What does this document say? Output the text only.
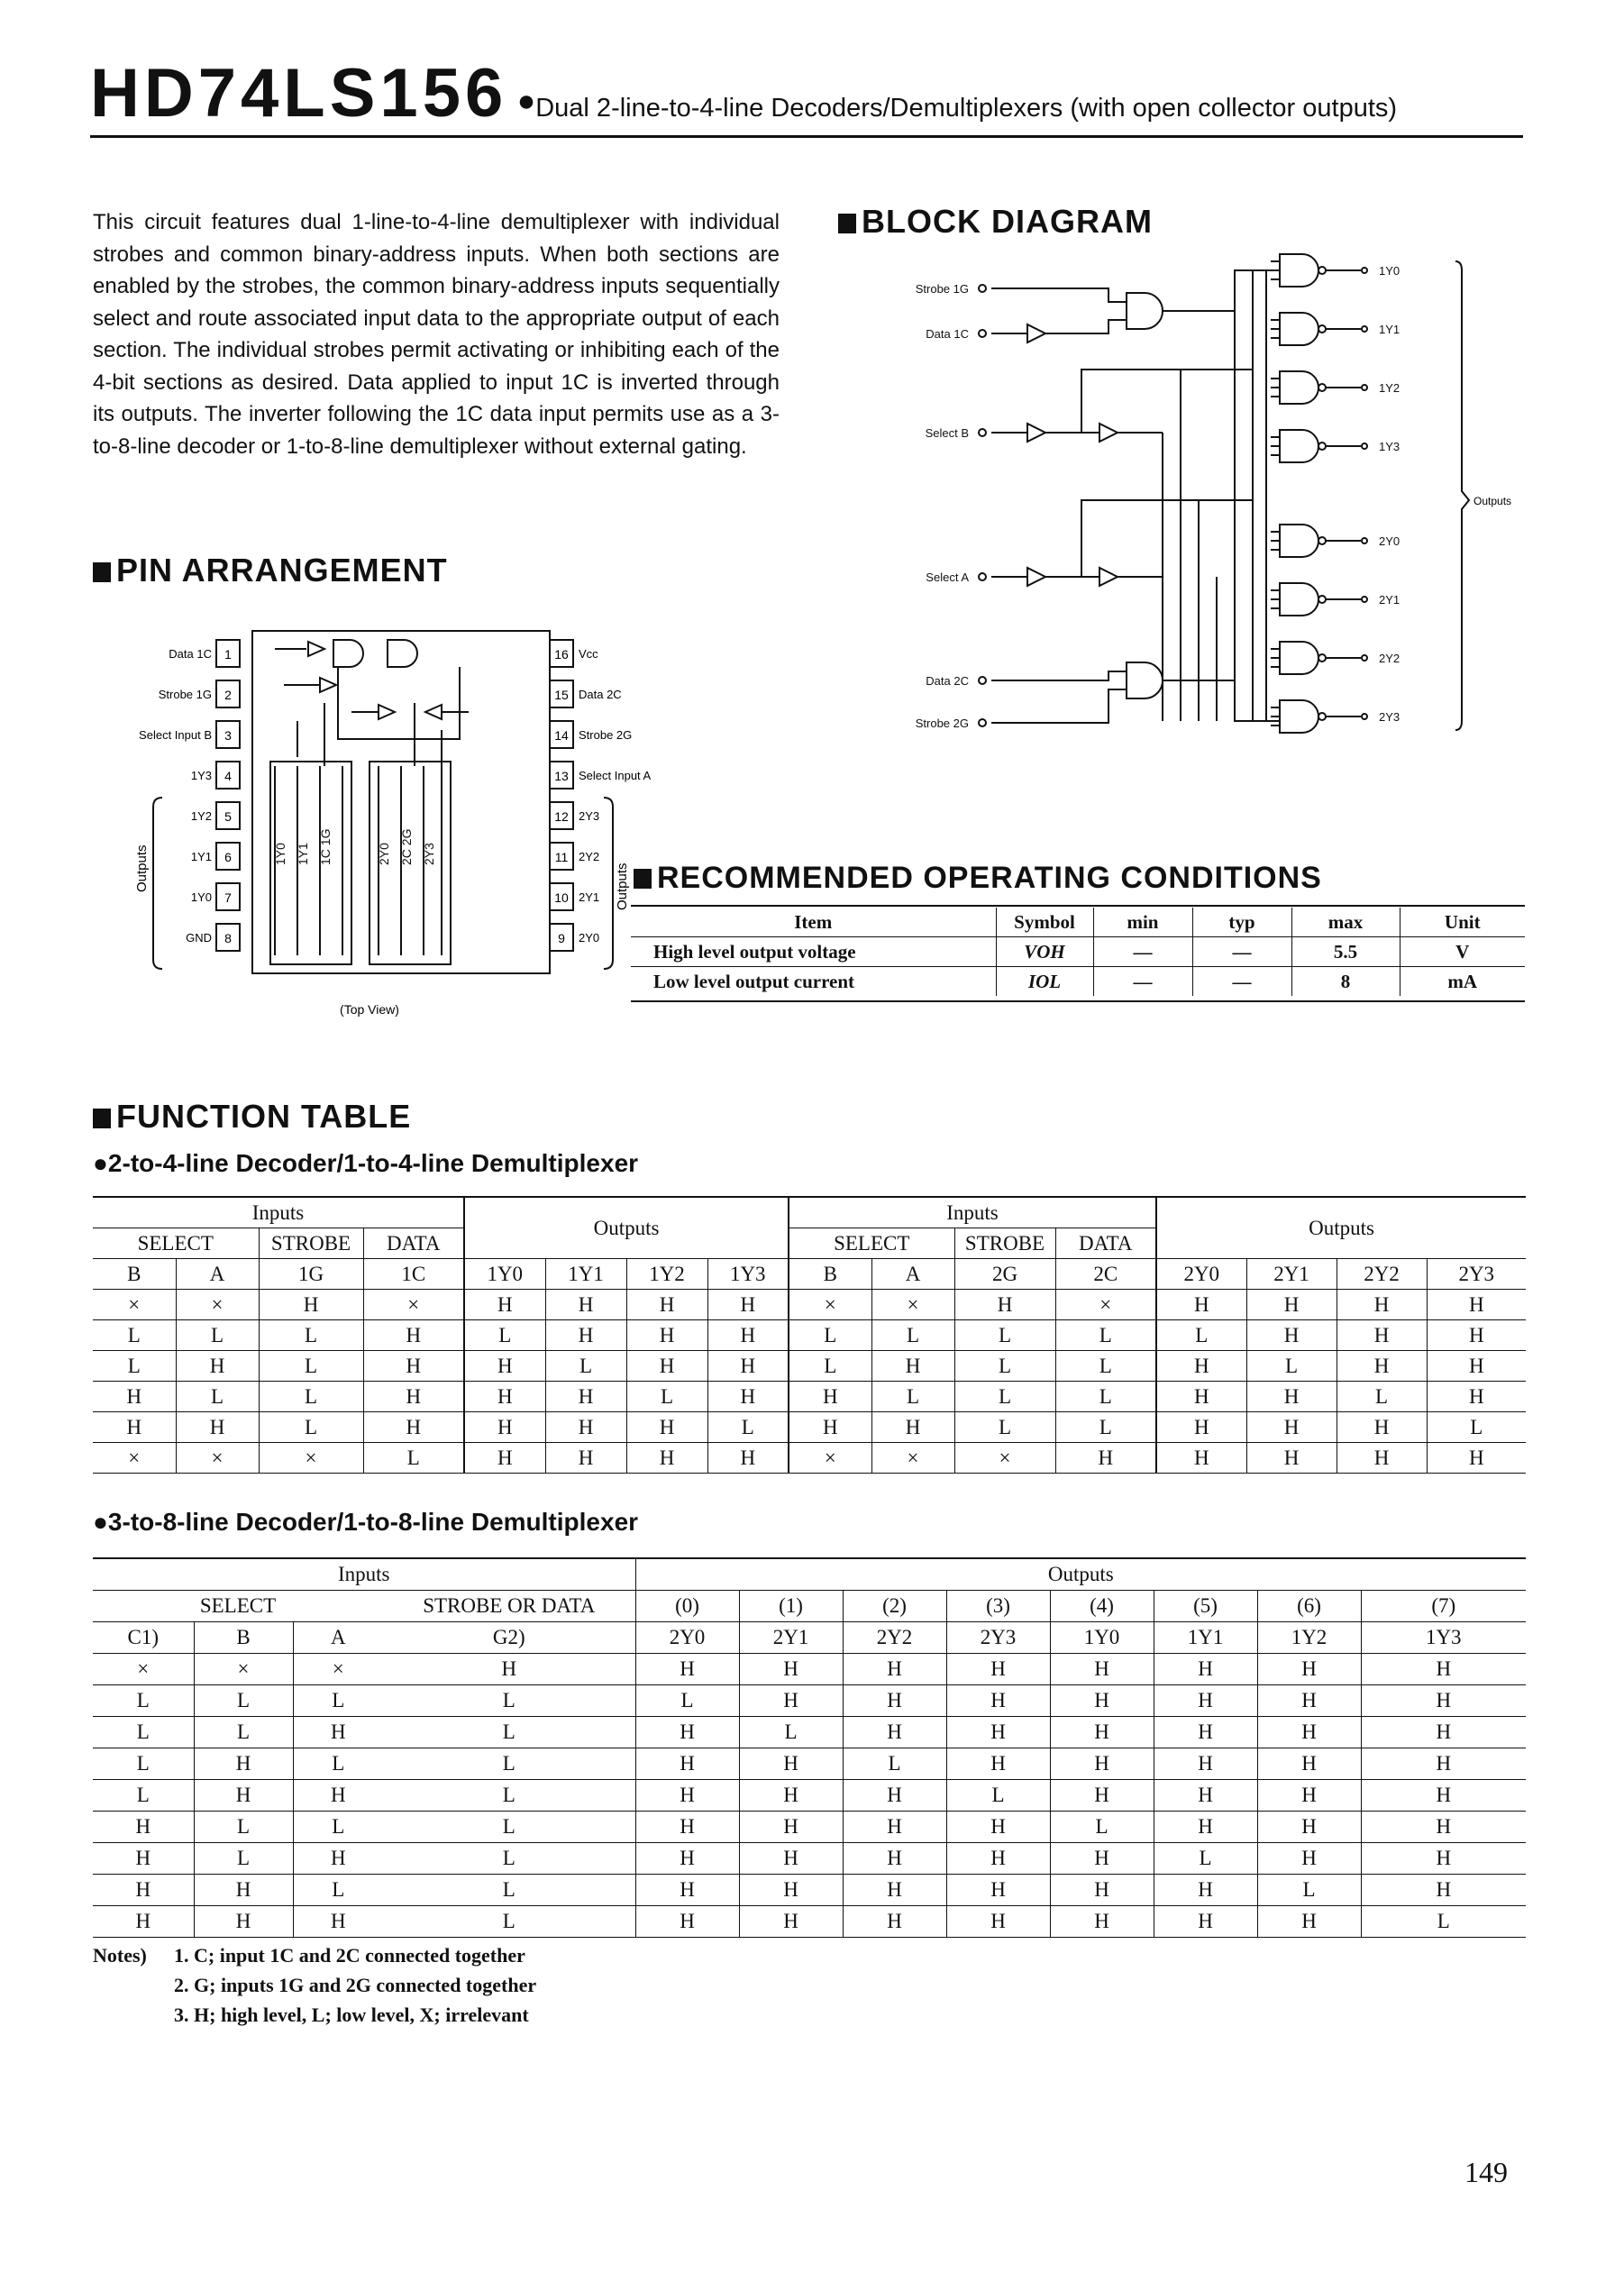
HD74LS156 ●Dual 2-line-to-4-line Decoders/Demultiplexers (with open collector outputs)
This circuit features dual 1-line-to-4-line demultiplexer with individual strobes and common binary-address inputs. When both sections are enabled by the strobes, the common binary-address inputs sequentially select and route associated input data to the appropriate output of each section. The individual strobes permit activating or inhibiting each of the 4-bit sections as desired. Data applied to input 1C is inverted through its outputs. The inverter following the 1C data input permits use as a 3-to-8-line decoder or 1-to-8-line demultiplexer without external gating.
PIN ARRANGEMENT
1
Data 1C
2
Strobe 1G
3
Select Input B
4
1Y3
5
1Y2
6
1Y1
7
1Y0
8
GND
16 Vcc
15 Data 2C
14 Strobe 2G
13 Select Input A
12 2Y3
11 2Y2
10 2Y1
9 2Y0
1Y0 1Y1 1C 1G	2Y0 2C 2G 2Y3
Outputs	Outputs
(Top View)
BLOCK DIAGRAM
1Y0
1Y1
1Y2
1Y3
2Y0
2Y1
2Y2
2Y3
Strobe 1G
Data 1C
Select B
Select A
Data 2C
Strobe 2G
Outputs
RECOMMENDED OPERATING CONDITIONS
Item	Symbol	min	typ	max	Unit
High level output voltage	VOH	—	—	5.5	V
Low level output current	IOL	—	—	8	mA
FUNCTION TABLE
●2-to-4-line Decoder/1-to-4-line Demultiplexer
Inputs				Outputs				Inputs				Outputs			
SELECT		STROBE	DATA					SELECT		STROBE	DATA				
B	A	1G	1C	1Y0	1Y1	1Y2	1Y3	B	A	2G	2C	2Y0	2Y1	2Y2	2Y3
×	×	H	×	H	H	H	H	×	×	H	×	H	H	H	H
L	L	L	H	L	H	H	H	L	L	L	L	L	H	H	H
L	H	L	H	H	L	H	H	L	H	L	L	H	L	H	H
H	L	L	H	H	H	L	H	H	L	L	L	H	H	L	H
H	H	L	H	H	H	H	L	H	H	L	L	H	H	H	L
×	×	×	L	H	H	H	H	×	×	×	H	H	H	H	H
●3-to-8-line Decoder/1-to-8-line Demultiplexer
Inputs				Outputs							
SELECT			STROBE OR DATA	(0)	(1)	(2)	(3)	(4)	(5)	(6)	(7)
C1)	B	A	G2)	2Y0	2Y1	2Y2	2Y3	1Y0	1Y1	1Y2	1Y3
×	×	×	H	H	H	H	H	H	H	H	H
L	L	L	L	L	H	H	H	H	H	H	H
L	L	H	L	H	L	H	H	H	H	H	H
L	H	L	L	H	H	L	H	H	H	H	H
L	H	H	L	H	H	H	L	H	H	H	H
H	L	L	L	H	H	H	H	L	H	H	H
H	L	H	L	H	H	H	H	H	L	H	H
H	H	L	L	H	H	H	H	H	H	L	H
H	H	H	L	H	H	H	H	H	H	H	L
Notes) 1. C; input 1C and 2C connected together
2. G; inputs 1G and 2G connected together
3. H; high level, L; low level, X; irrelevant
149
